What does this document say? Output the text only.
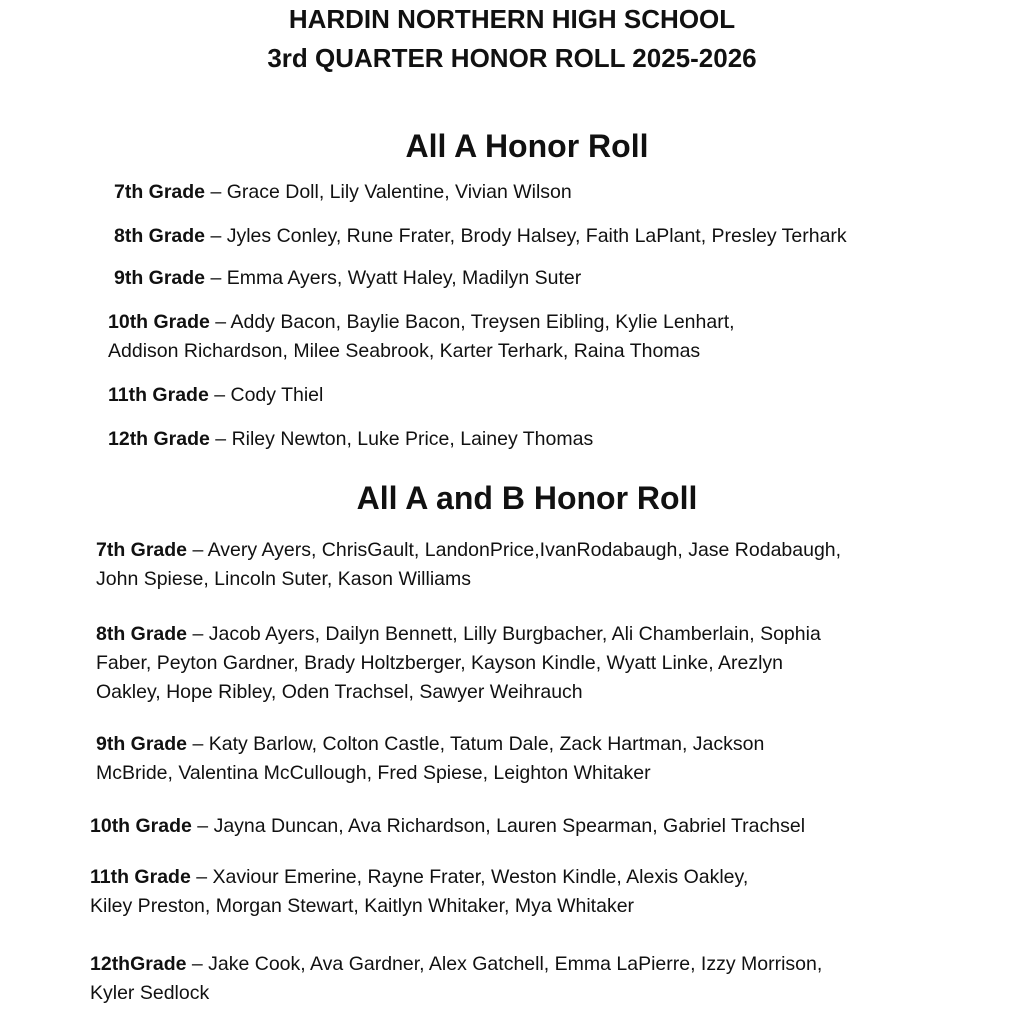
HARDIN NORTHERN HIGH SCHOOL
3rd QUARTER HONOR ROLL 2025-2026
All A Honor Roll
7th Grade – Grace Doll, Lily Valentine, Vivian Wilson
8th Grade – Jyles Conley, Rune Frater, Brody Halsey, Faith LaPlant, Presley Terhark
9th Grade – Emma Ayers, Wyatt Haley, Madilyn Suter
10th Grade – Addy Bacon, Baylie Bacon, Treysen Eibling, Kylie Lenhart,
Addison Richardson, Milee Seabrook, Karter Terhark, Raina Thomas
11th Grade – Cody Thiel
12th Grade – Riley Newton, Luke Price, Lainey Thomas
All A and B Honor Roll
7th Grade – Avery Ayers, ChrisGault, LandonPrice,IvanRodabaugh, Jase Rodabaugh,
John Spiese, Lincoln Suter, Kason Williams
8th Grade – Jacob Ayers, Dailyn Bennett, Lilly Burgbacher, Ali Chamberlain, Sophia
Faber, Peyton Gardner, Brady Holtzberger, Kayson Kindle, Wyatt Linke, Arezlyn
Oakley, Hope Ribley, Oden Trachsel, Sawyer Weihrauch
9th Grade – Katy Barlow, Colton Castle, Tatum Dale, Zack Hartman, Jackson
McBride, Valentina McCullough, Fred Spiese, Leighton Whitaker
10th Grade – Jayna Duncan, Ava Richardson, Lauren Spearman, Gabriel Trachsel
11th Grade – Xaviour Emerine, Rayne Frater, Weston Kindle, Alexis Oakley,
Kiley Preston, Morgan Stewart, Kaitlyn Whitaker, Mya Whitaker
12thGrade – Jake Cook, Ava Gardner, Alex Gatchell, Emma LaPierre, Izzy Morrison,
Kyler Sedlock
